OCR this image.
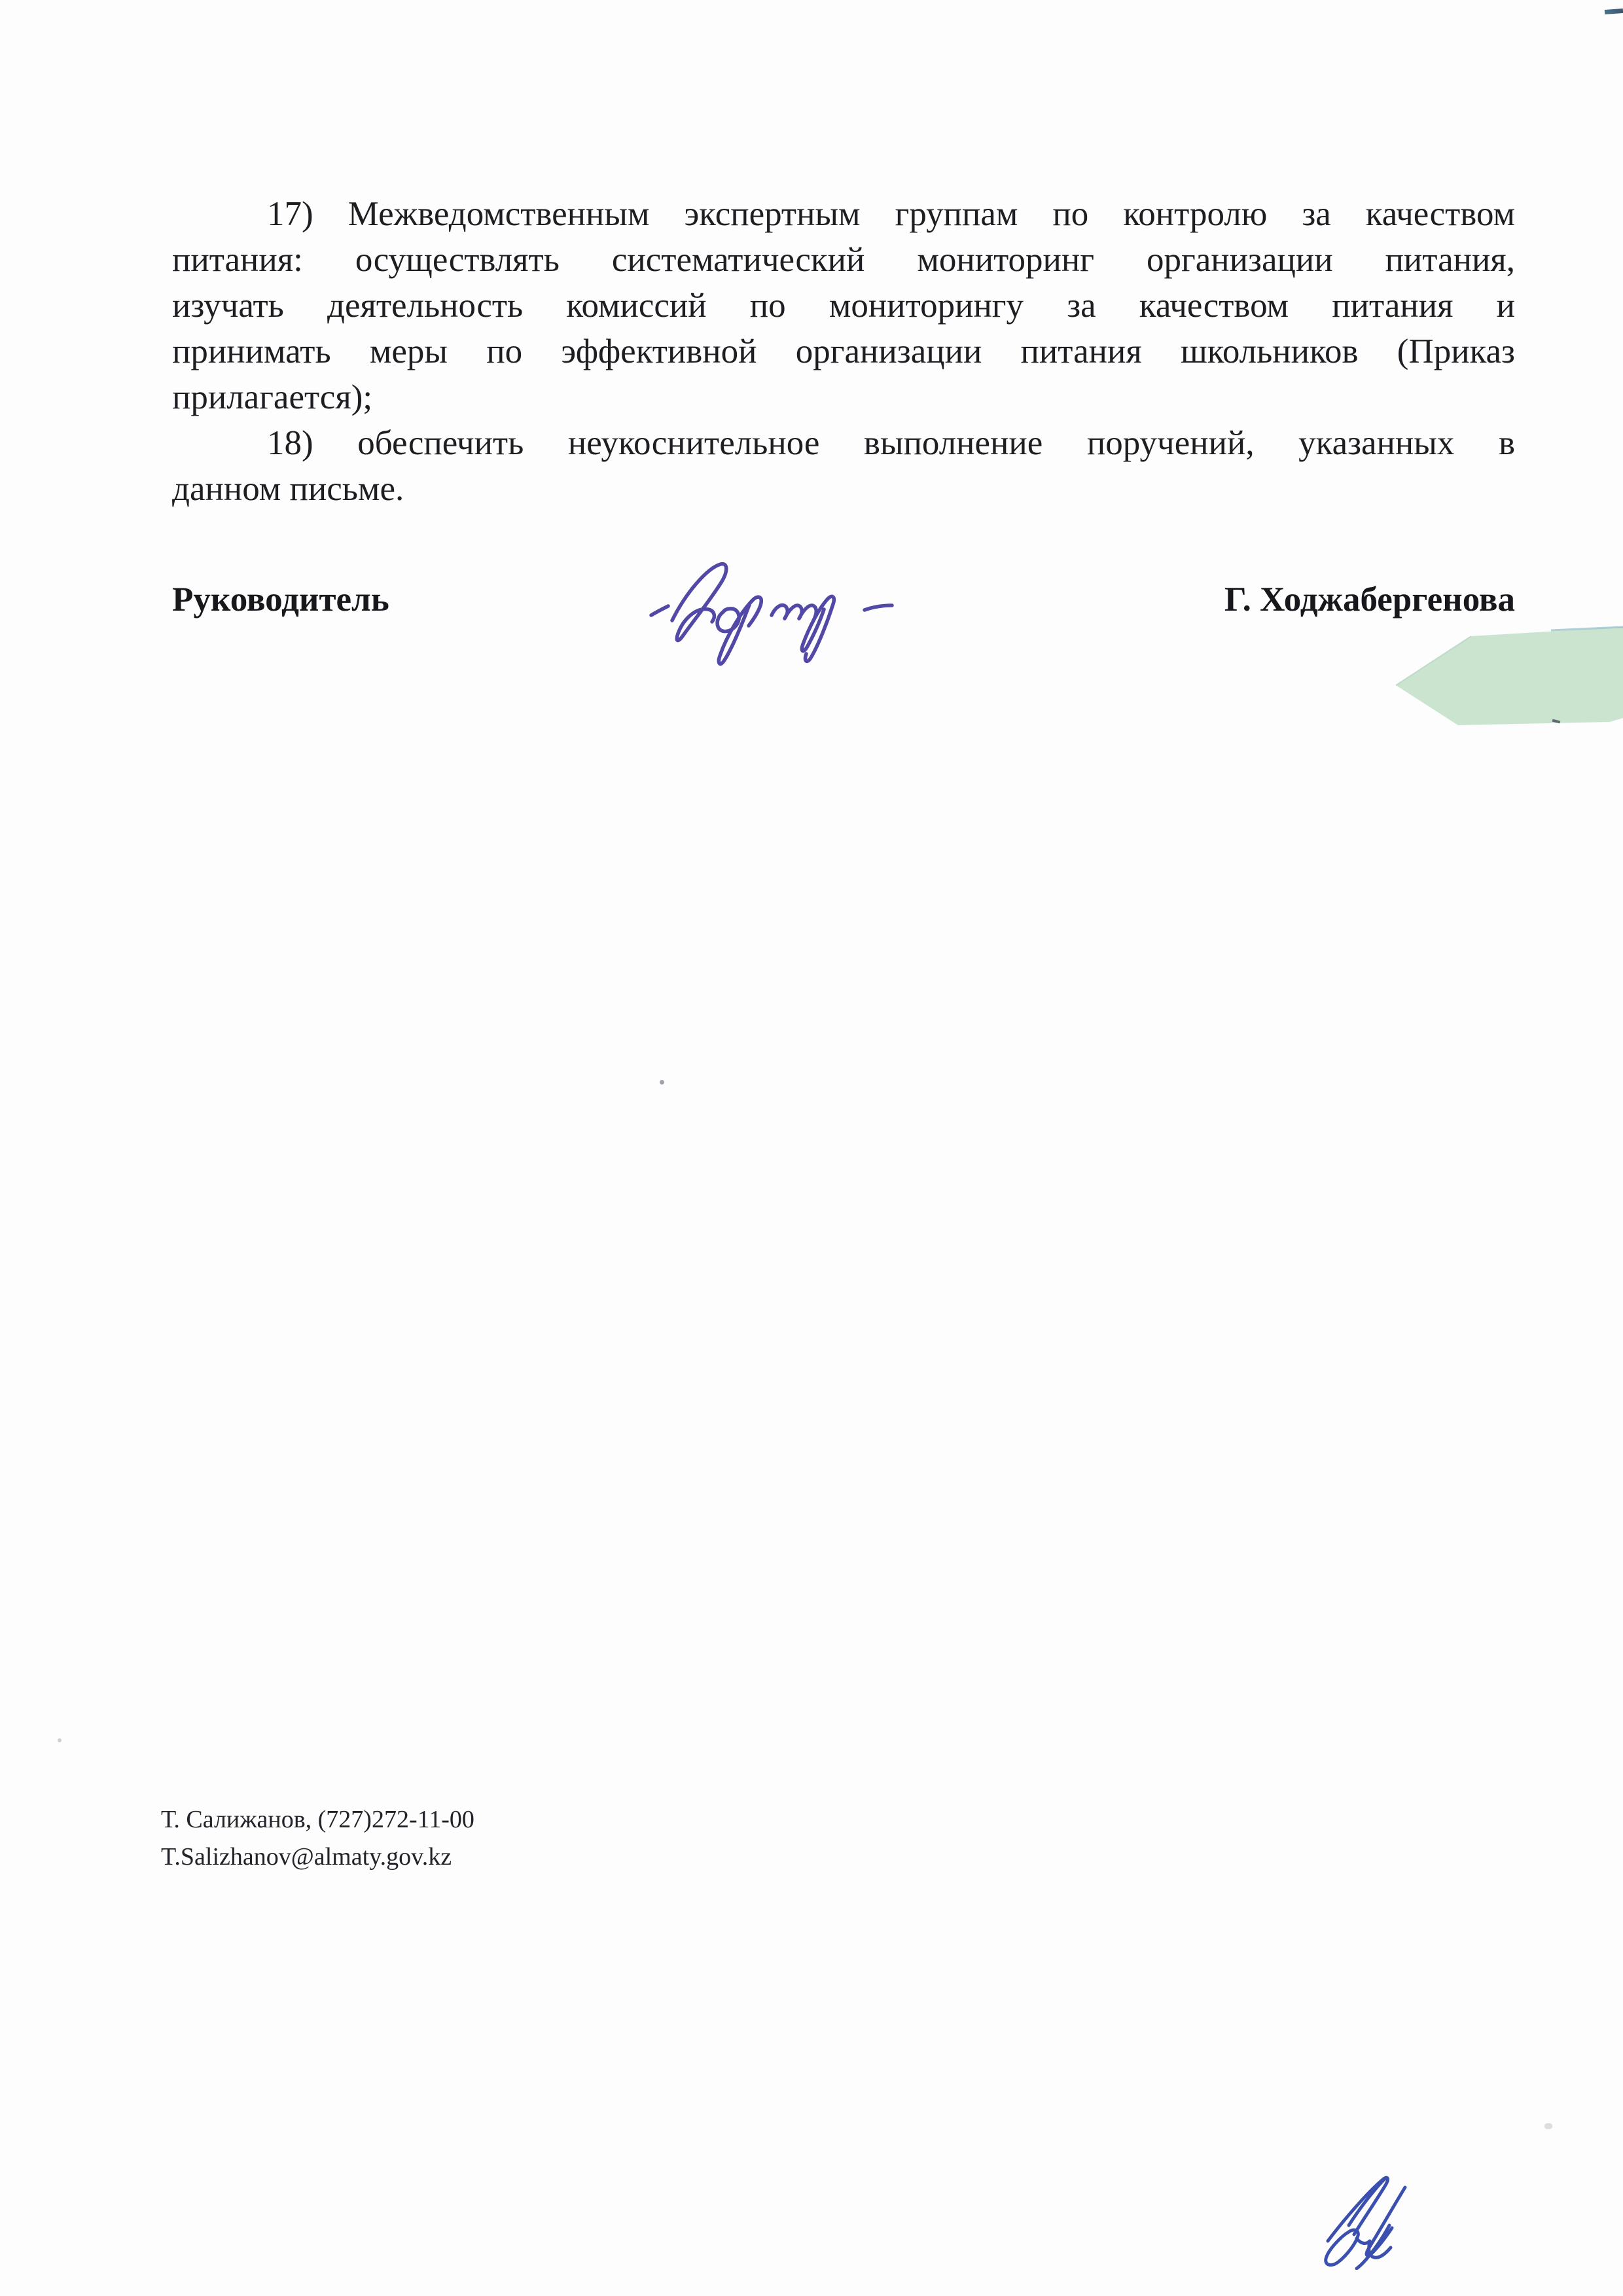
17) Межведомственным экспертным группам по контролю за качеством
питания: осуществлять систематический мониторинг организации питания,
изучать деятельность комиссий по мониторингу за качеством питания и
принимать меры по эффективной организации питания школьников (Приказ
прилагается);
18) обеспечить неукоснительное выполнение поручений, указанных в
данном письме.
Руководитель	Г. Ходжабергенова
Т. Салижанов, (727)272-11-00
T.Salizhanov@almaty.gov.kz
